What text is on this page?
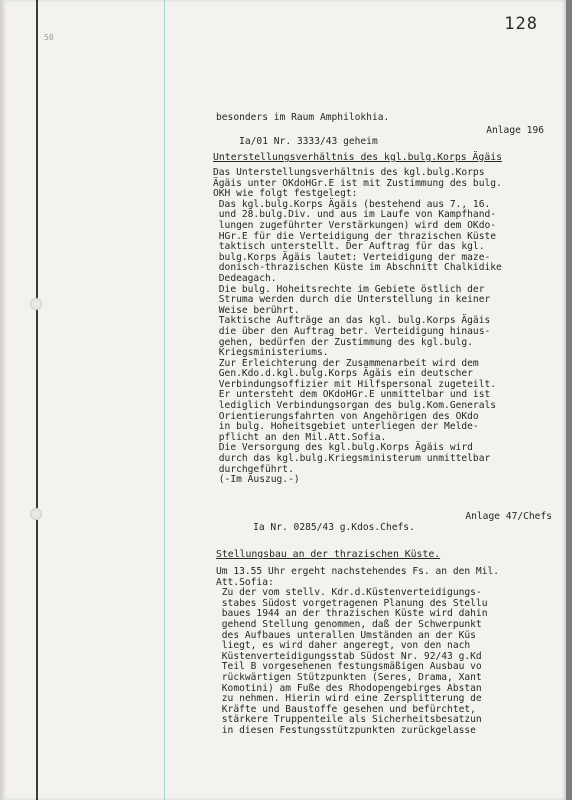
50
128

besonders im Raum Amphilokhia.

Ia/01 Nr. 3333/43 geheim

Anlage 196

Unterstellungsverhältnis des kgl.bulg.Korps Ägäis

Das Unterstellungsverhältnis des kgl.bulg.Korps
Ägäis unter OKdoHGr.E ist mit Zustimmung des bulg.
OKH wie folgt festgelegt:
Das kgl.bulg.Korps Ägäis (bestehend aus 7., 16.
und 28.bulg.Div. und aus im Laufe von Kampfhand-
lungen zugeführter Verstärkungen) wird dem OKdo-
HGr.E für die Verteidigung der thrazischen Küste
taktisch unterstellt. Der Auftrag für das kgl.
bulg.Korps Ägäis lautet: Verteidigung der maze-
donisch-thrazischen Küste im Abschnitt Chalkidike
Dedeagach.
Die bulg. Hoheitsrechte im Gebiete östlich der
Struma werden durch die Unterstellung in keiner
Weise berührt.
Taktische Aufträge an das kgl. bulg.Korps Ägäis
die über den Auftrag betr. Verteidigung hinaus-
gehen, bedürfen der Zustimmung des kgl.bulg.
Kriegsministeriums.
Zur Erleichterung der Zusammenarbeit wird dem
Gen.Kdo.d.kgl.bulg.Korps Ägäis ein deutscher
Verbindungsoffizier mit Hilfspersonal zugeteilt.
Er untersteht dem OKdoHGr.E unmittelbar und ist
lediglich Verbindungsorgan des bulg.Kom.Generals
Orientierungsfahrten von Angehörigen des OKdo
in bulg. Hoheitsgebiet unterliegen der Melde-
pflicht an den Mil.Att.Sofia.
Die Versorgung des kgl.bulg.Korps Ägäis wird
durch das kgl.bulg.Kriegsministerum unmittelbar
durchgeführt.
(-Im Auszug.-)

Ia Nr. 0285/43 g.Kdos.Chefs.

Anlage 47/Chefs

Stellungsbau an der thrazischen Küste.

Um 13.55 Uhr ergeht nachstehendes Fs. an den Mil.
Att.Sofia:
Zu der vom stellv. Kdr.d.Küstenverteidigungs-
stabes Südost vorgetragenen Planung des Stellu
baues 1944 an der thrazischen Küste wird dahin
gehend Stellung genommen, daß der Schwerpunkt
des Aufbaues unterallen Umständen an der Küs
liegt, es wird daher angeregt, von den nach
Küstenverteidigungsstab Südost Nr. 92/43 g.Kd
Teil B vorgesehenen festungsmäßigen Ausbau vo
rückwärtigen Stützpunkten (Seres, Drama, Xant
Komotini) am Fuße des Rhodopengebirges Abstan
zu nehmen. Hierin wird eine Zersplitterung de
Kräfte und Baustoffe gesehen und befürchtet,
stärkere Truppenteile als Sicherheitsbesatzun
in diesen Festungsstützpunkten zurückgelasse
